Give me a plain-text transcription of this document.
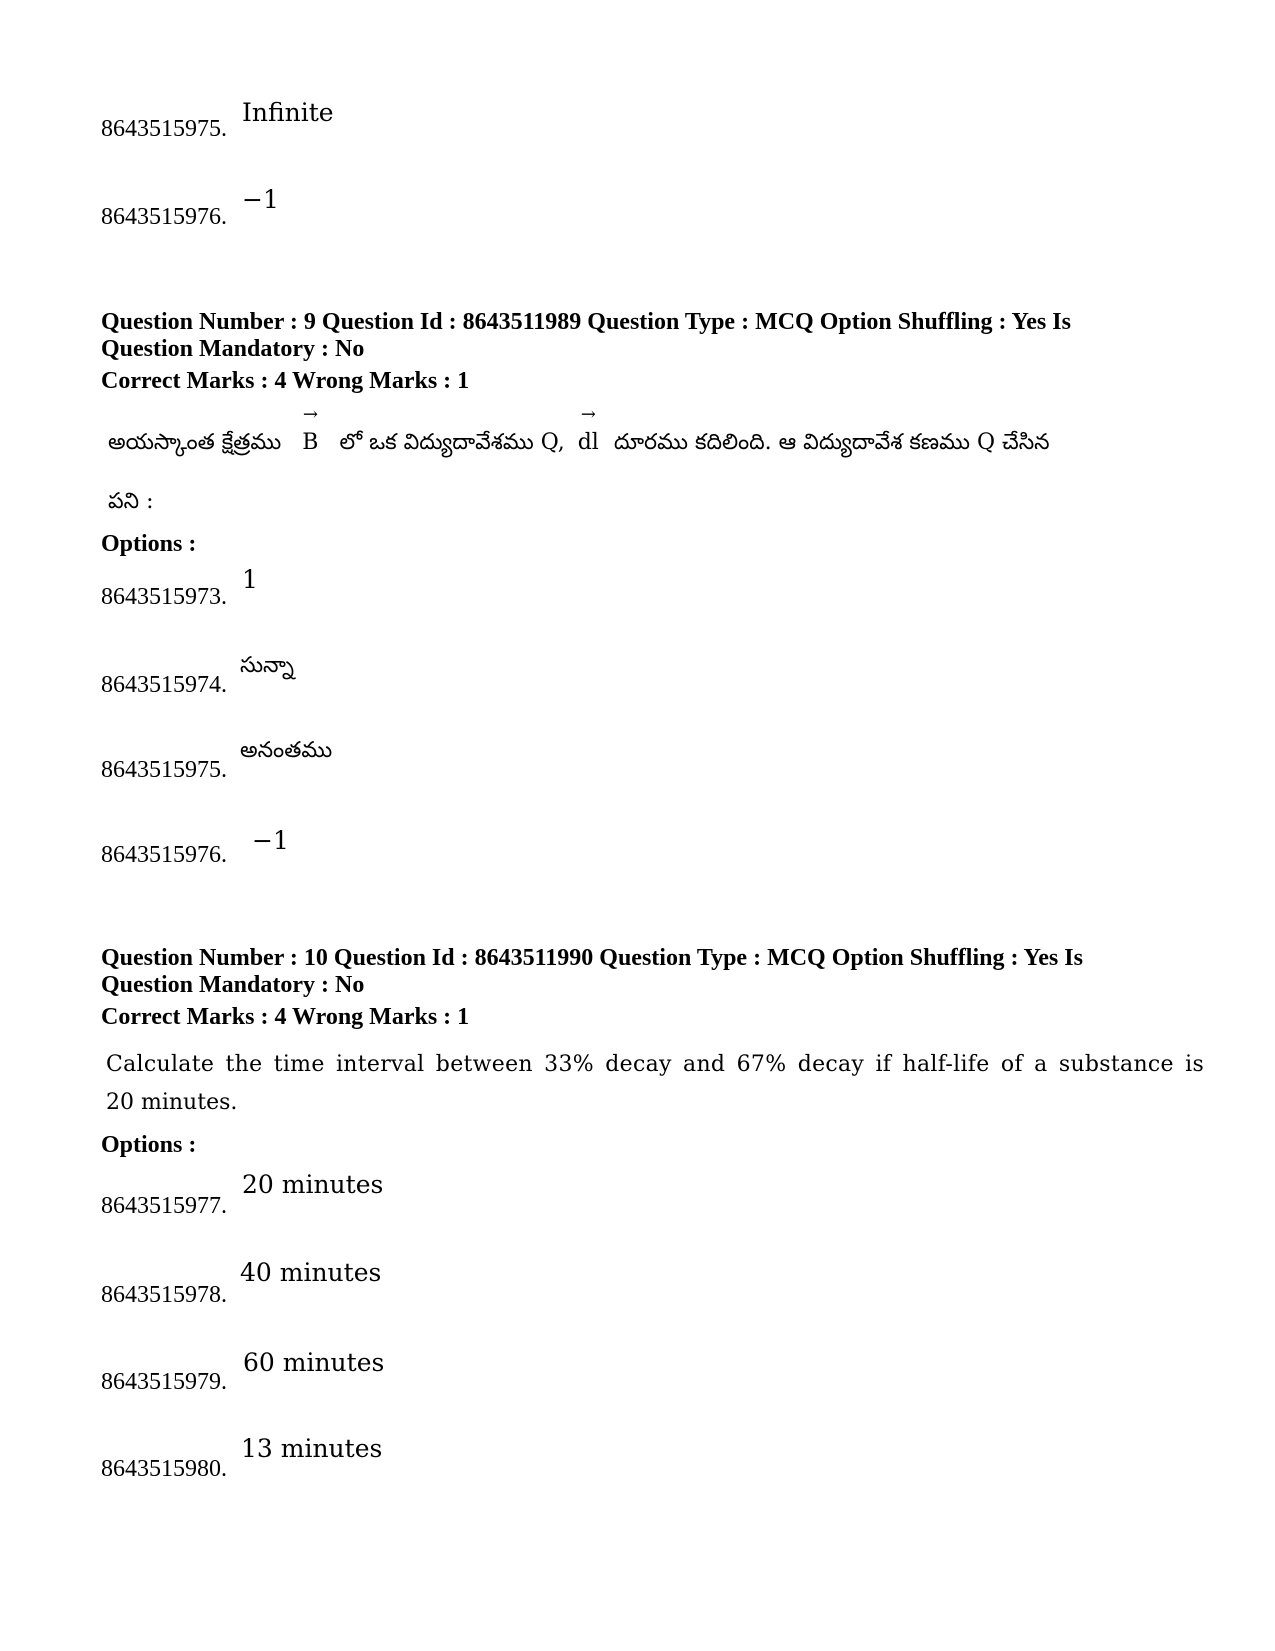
8643515975.
Infinite
8643515976.
−1
Question Number : 9 Question Id : 8643511989 Question Type : MCQ Option Shuffling : Yes Is
Question Mandatory : No
Correct Marks : 4 Wrong Marks : 1
అయస్కాంత క్షేత్రము
→
B లో ఒక విద్యుదావేశము Q,
→
dl దూరము కదిలింది. ఆ విద్యుదావేశ కణము Q చేసిన
పని :
Options :
8643515973.
1
8643515974.
సున్నా
8643515975.
అనంతము
8643515976. −1
Question Number : 10 Question Id : 8643511990 Question Type : MCQ Option Shuffling : Yes Is
Question Mandatory : No
Correct Marks : 4 Wrong Marks : 1
Calculate the time interval between 33% decay and 67% decay if half-life of a substance is
20 minutes.
Options :
8643515977.
20 minutes
8643515978.
40 minutes
8643515979.
60 minutes
8643515980.
13 minutes
